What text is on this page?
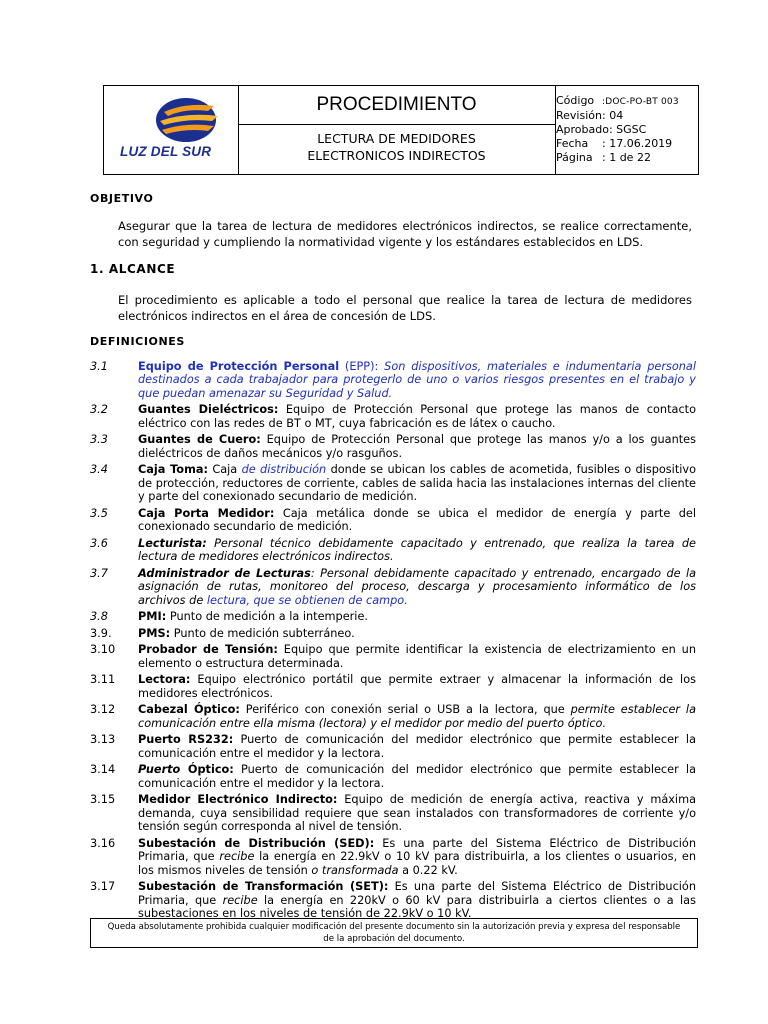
LUZ DEL SUR
PROCEDIMIENTO
LECTURA DE MEDIDORES
ELECTRONICOS INDIRECTOS
Código :DOC-PO-BT 003
Revisión: 04
Aprobado: SGSC
Fecha : 17.06.2019
Página : 1 de 22
OBJETIVO
Asegurar que la tarea de lectura de medidores electrónicos indirectos, se realice correctamente, con seguridad y cumpliendo la normatividad vigente y los estándares establecidos en LDS.
1. ALCANCE
El procedimiento es aplicable a todo el personal que realice la tarea de lectura de medidores electrónicos indirectos en el área de concesión de LDS.
DEFINICIONES
3.1	Equipo de Protección Personal (EPP): Son dispositivos, materiales e indumentaria personal destinados a cada trabajador para protegerlo de uno o varios riesgos presentes en el trabajo y que puedan amenazar su Seguridad y Salud.
3.2	Guantes Dieléctricos: Equipo de Protección Personal que protege las manos de contacto eléctrico con las redes de BT o MT, cuya fabricación es de látex o caucho.
3.3	Guantes de Cuero: Equipo de Protección Personal que protege las manos y/o a los guantes dieléctricos de daños mecánicos y/o rasguños.
3.4	Caja Toma: Caja de distribución donde se ubican los cables de acometida, fusibles o dispositivo de protección, reductores de corriente, cables de salida hacia las instalaciones internas del cliente y parte del conexionado secundario de medición.
3.5	Caja Porta Medidor: Caja metálica donde se ubica el medidor de energía y parte del conexionado secundario de medición.
3.6	Lecturista: Personal técnico debidamente capacitado y entrenado, que realiza la tarea de lectura de medidores electrónicos indirectos.
3.7	Administrador de Lecturas: Personal debidamente capacitado y entrenado, encargado de la asignación de rutas, monitoreo del proceso, descarga y procesamiento informático de los archivos de lectura, que se obtienen de campo.
3.8	PMI: Punto de medición a la intemperie.
3.9.	PMS: Punto de medición subterráneo.
3.10	Probador de Tensión: Equipo que permite identificar la existencia de electrizamiento en un elemento o estructura determinada.
3.11	Lectora: Equipo electrónico portátil que permite extraer y almacenar la información de los medidores electrónicos.
3.12	Cabezal Óptico: Periférico con conexión serial o USB a la lectora, que permite establecer la comunicación entre ella misma (lectora) y el medidor por medio del puerto óptico.
3.13	Puerto RS232: Puerto de comunicación del medidor electrónico que permite establecer la comunicación entre el medidor y la lectora.
3.14	Puerto Óptico: Puerto de comunicación del medidor electrónico que permite establecer la comunicación entre el medidor y la lectora.
3.15	Medidor Electrónico Indirecto: Equipo de medición de energía activa, reactiva y máxima demanda, cuya sensibilidad requiere que sean instalados con transformadores de corriente y/o tensión según corresponda al nivel de tensión.
3.16	Subestación de Distribución (SED): Es una parte del Sistema Eléctrico de Distribución Primaria, que recibe la energía en 22.9kV o 10 kV para distribuirla, a los clientes o usuarios, en los mismos niveles de tensión o transformada a 0.22 kV.
3.17	Subestación de Transformación (SET): Es una parte del Sistema Eléctrico de Distribución Primaria, que recibe la energía en 220kV o 60 kV para distribuirla a ciertos clientes o a las subestaciones en los niveles de tensión de 22.9kV o 10 kV.
Queda absolutamente prohibida cualquier modificación del presente documento sin la autorización previa y expresa del responsable
de la aprobación del documento.
